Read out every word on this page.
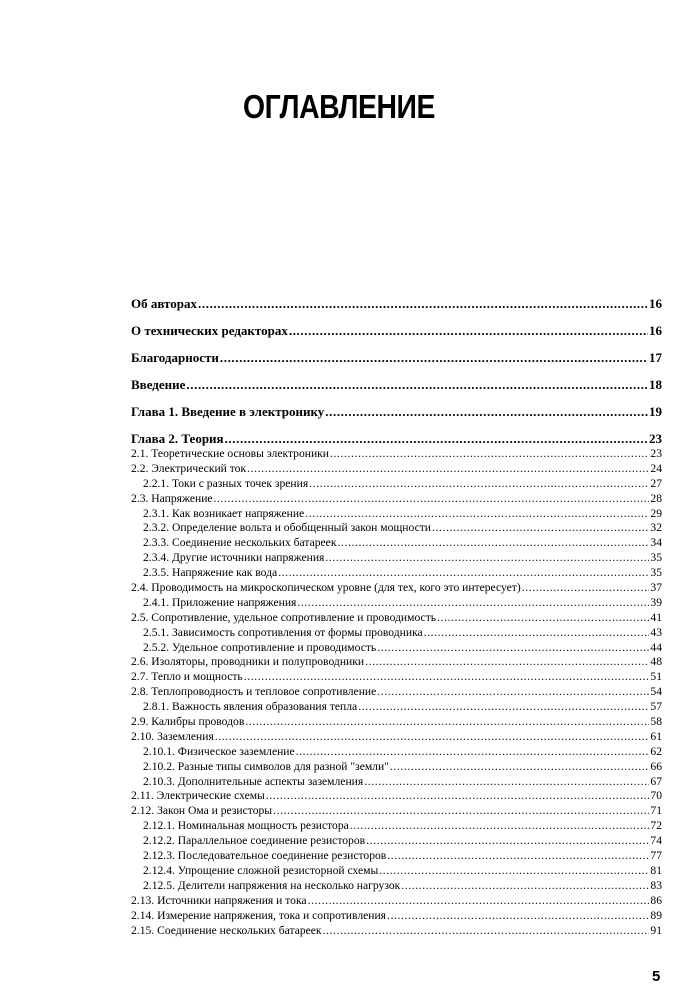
ОГЛАВЛЕНИЕ
Об авторах .....	16
О технических редакторах .....	16
Благодарности .....	17
Введение .....	18
Глава 1. Введение в электронику .....	19
Глава 2. Теория .....	23
2.1. Теоретические основы электроники .....	23
2.2. Электрический ток .....	24
2.2.1. Токи с разных точек зрения .....	27
2.3. Напряжение .....	28
2.3.1. Как возникает напряжение .....	29
2.3.2. Определение вольта и обобщенный закон мощности .....	32
2.3.3. Соединение нескольких батареек .....	34
2.3.4. Другие источники напряжения .....	35
2.3.5. Напряжение как вода .....	35
2.4. Проводимость на микроскопическом уровне (для тех, кого это интересует) .....	37
2.4.1. Приложение напряжения .....	39
2.5. Сопротивление, удельное сопротивление и проводимость .....	41
2.5.1. Зависимость сопротивления от формы проводника .....	43
2.5.2. Удельное сопротивление и проводимость .....	44
2.6. Изоляторы, проводники и полупроводники .....	48
2.7. Тепло и мощность .....	51
2.8. Теплопроводность и тепловое сопротивление .....	54
2.8.1. Важность явления образования тепла .....	57
2.9. Калибры проводов .....	58
2.10. Заземления .....	61
2.10.1. Физическое заземление .....	62
2.10.2. Разные типы символов для разной "земли" .....	66
2.10.3. Дополнительные аспекты заземления .....	67
2.11. Электрические схемы .....	70
2.12. Закон Ома и резисторы .....	71
2.12.1. Номинальная мощность резистора .....	72
2.12.2. Параллельное соединение резисторов .....	74
2.12.3. Последовательное соединение резисторов .....	77
2.12.4. Упрощение сложной резисторной схемы .....	81
2.12.5. Делители напряжения на несколько нагрузок .....	83
2.13. Источники напряжения и тока .....	86
2.14. Измерение напряжения, тока и сопротивления .....	89
2.15. Соединение нескольких батареек .....	91
5
